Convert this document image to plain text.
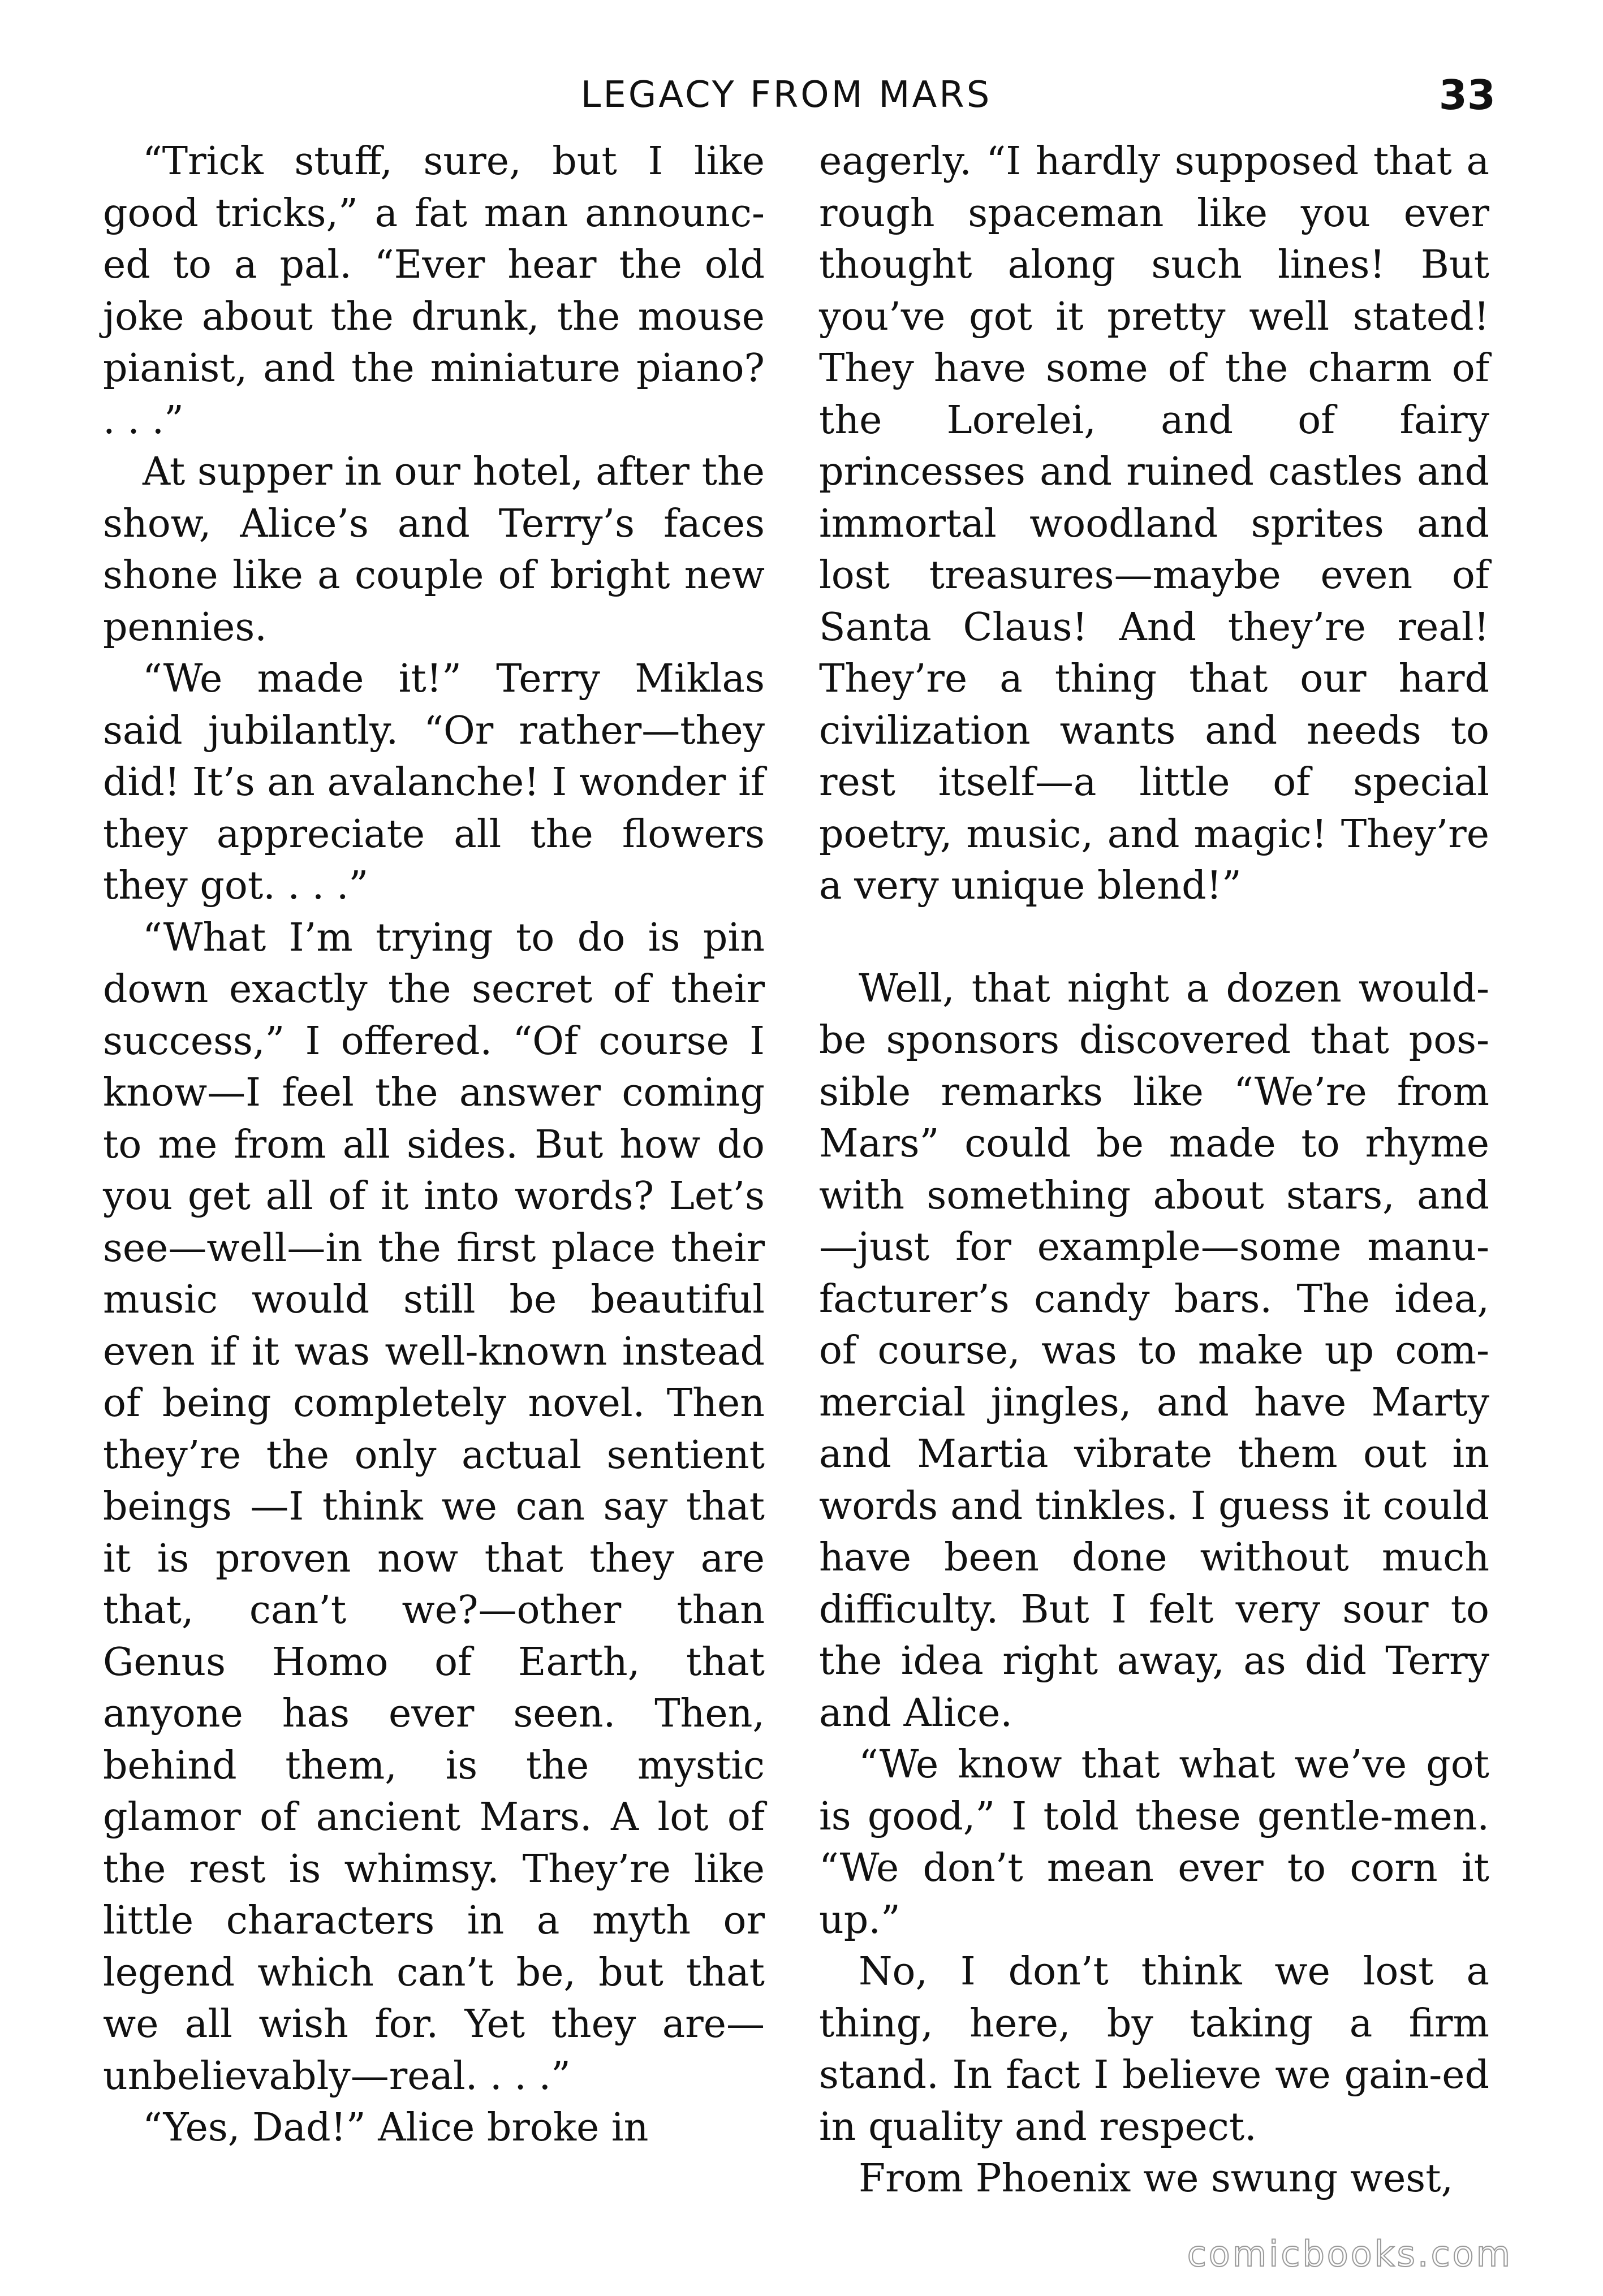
LEGACY FROM MARS	33

“Trick stuff, sure, but I like good tricks,” a fat man announc-ed to a pal. “Ever hear the old joke about the drunk, the mouse pianist, and the miniature piano? . . .”

At supper in our hotel, after the show, Alice’s and Terry’s faces shone like a couple of bright new pennies.

“We made it!” Terry Miklas said jubilantly. “Or rather—they did! It’s an avalanche! I wonder if they appreciate all the flowers they got. . . .”

“What I’m trying to do is pin down exactly the secret of their success,” I offered. “Of course I know—I feel the answer coming to me from all sides. But how do you get all of it into words? Let’s see—well—in the first place their music would still be beautiful even if it was well-known instead of being completely novel. Then they’re the only actual sentient beings —I think we can say that it is proven now that they are that, can’t we?—other than Genus Homo of Earth, that anyone has ever seen. Then, behind them, is the mystic glamor of ancient Mars. A lot of the rest is whimsy. They’re like little characters in a myth or legend which can’t be, but that we all wish for. Yet they are—unbelievably—real. . . .”

“Yes, Dad!” Alice broke in

eagerly. “I hardly supposed that a rough spaceman like you ever thought along such lines! But you’ve got it pretty well stated! They have some of the charm of the Lorelei, and of fairy princesses and ruined castles and immortal woodland sprites and lost treasures—maybe even of Santa Claus! And they’re real! They’re a thing that our hard civilization wants and needs to rest itself—a little of special poetry, music, and magic! They’re a very unique blend!”

Well, that night a dozen would-be sponsors discovered that pos-sible remarks like “We’re from Mars” could be made to rhyme with something about stars, and —just for example—some manu-facturer’s candy bars. The idea, of course, was to make up com-mercial jingles, and have Marty and Martia vibrate them out in words and tinkles. I guess it could have been done without much difficulty. But I felt very sour to the idea right away, as did Terry and Alice.

“We know that what we’ve got is good,” I told these gentle-men. “We don’t mean ever to corn it up.”

No, I don’t think we lost a thing, here, by taking a firm stand. In fact I believe we gain-ed in quality and respect.

From Phoenix we swung west,

comicbooks.com
